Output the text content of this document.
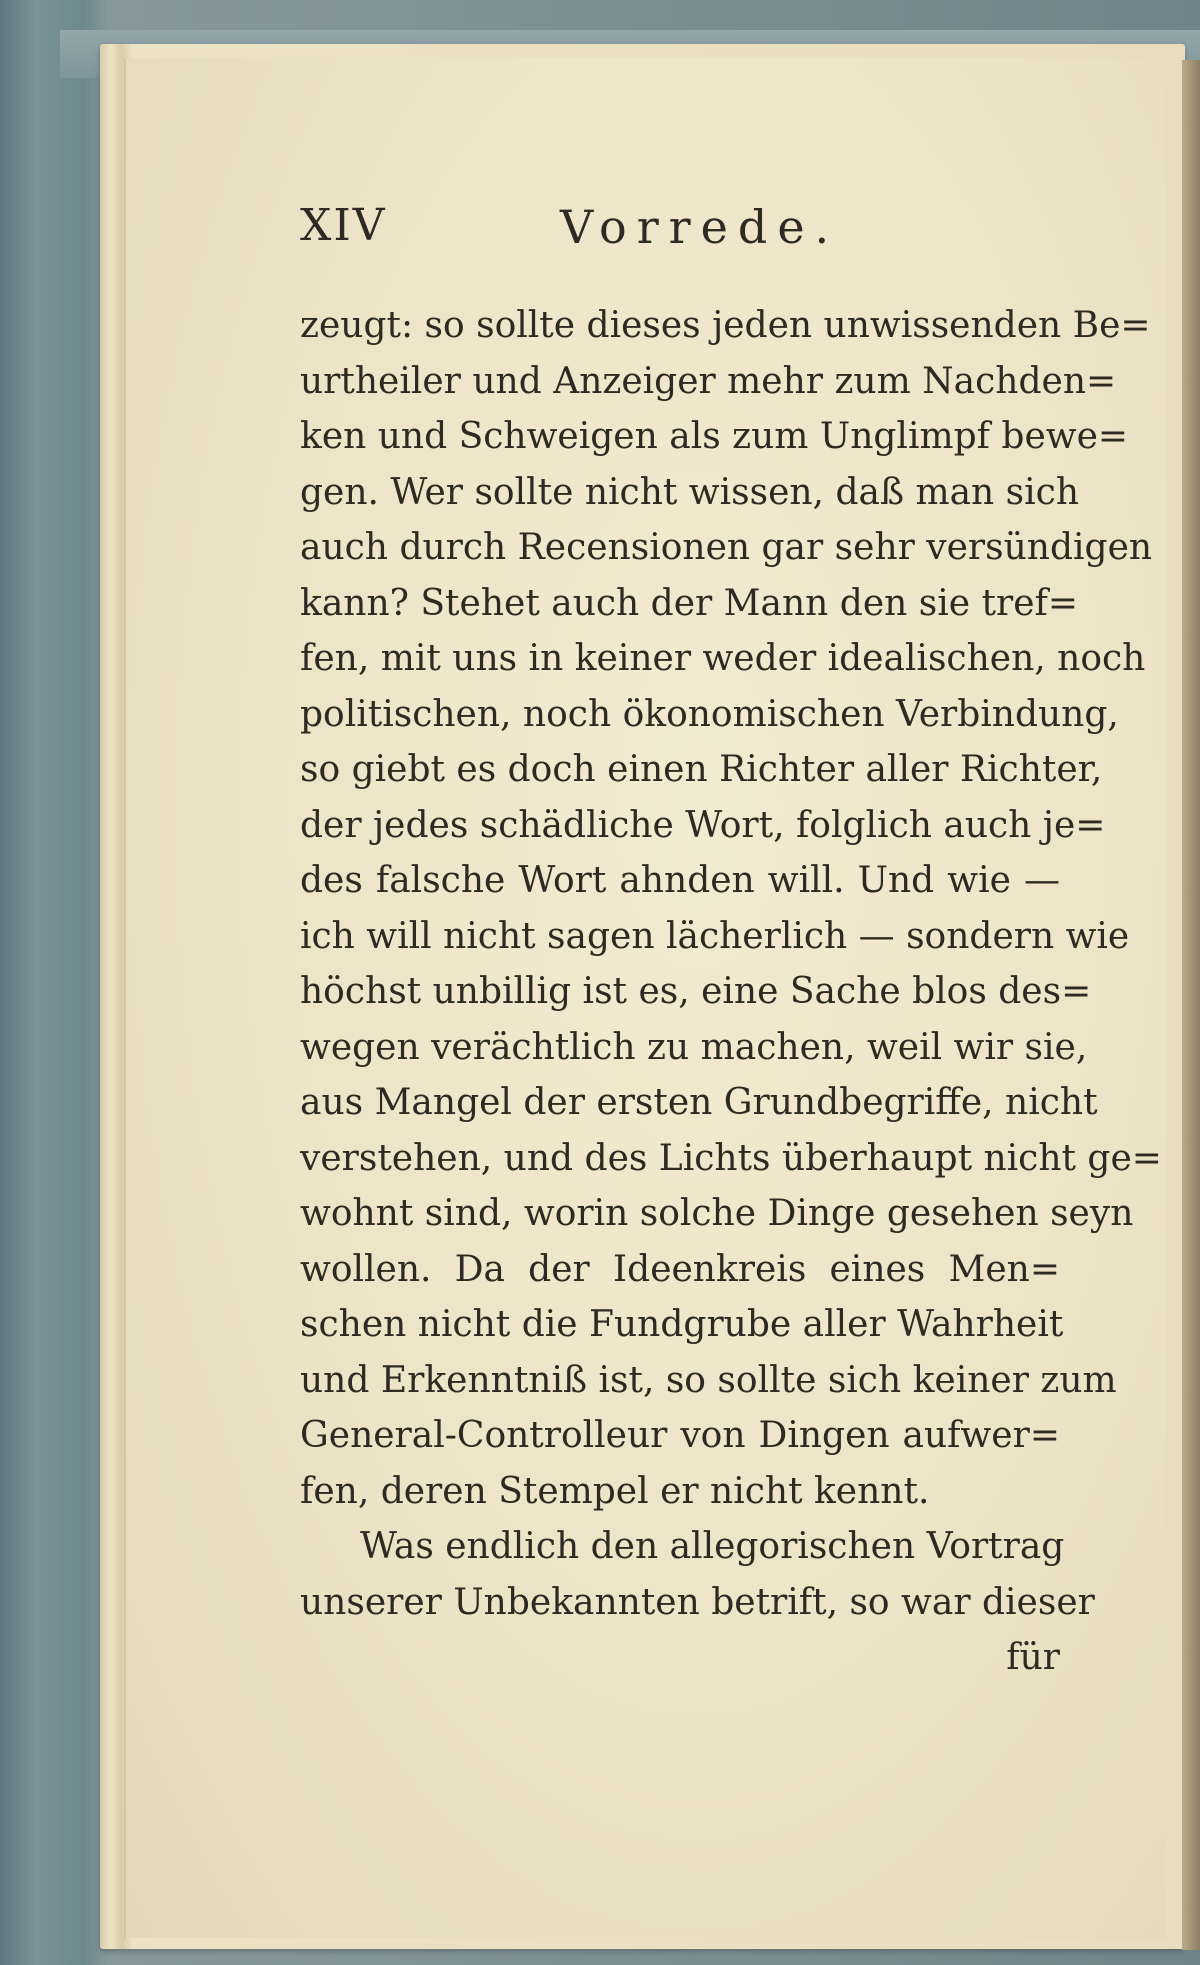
XIV	Vorrede.
zeugt: so sollte dieses jeden unwissenden Be=
urtheiler und Anzeiger mehr zum Nachden=
ken und Schweigen als zum Unglimpf bewe=
gen. Wer sollte nicht wissen, daß man sich
auch durch Recensionen gar sehr versündigen
kann? Stehet auch der Mann den sie tref=
fen, mit uns in keiner weder idealischen, noch
politischen, noch ökonomischen Verbindung,
so giebt es doch einen Richter aller Richter,
der jedes schädliche Wort, folglich auch je=
des falsche Wort ahnden will. Und wie —
ich will nicht sagen lächerlich — sondern wie
höchst unbillig ist es, eine Sache blos des=
wegen verächtlich zu machen, weil wir sie,
aus Mangel der ersten Grundbegriffe, nicht
verstehen, und des Lichts überhaupt nicht ge=
wohnt sind, worin solche Dinge gesehen seyn
wollen. Da der Ideenkreis eines Men=
schen nicht die Fundgrube aller Wahrheit
und Erkenntniß ist, so sollte sich keiner zum
General-Controlleur von Dingen aufwer=
fen, deren Stempel er nicht kennt.
Was endlich den allegorischen Vortrag
unserer Unbekannten betrift, so war dieser
für
